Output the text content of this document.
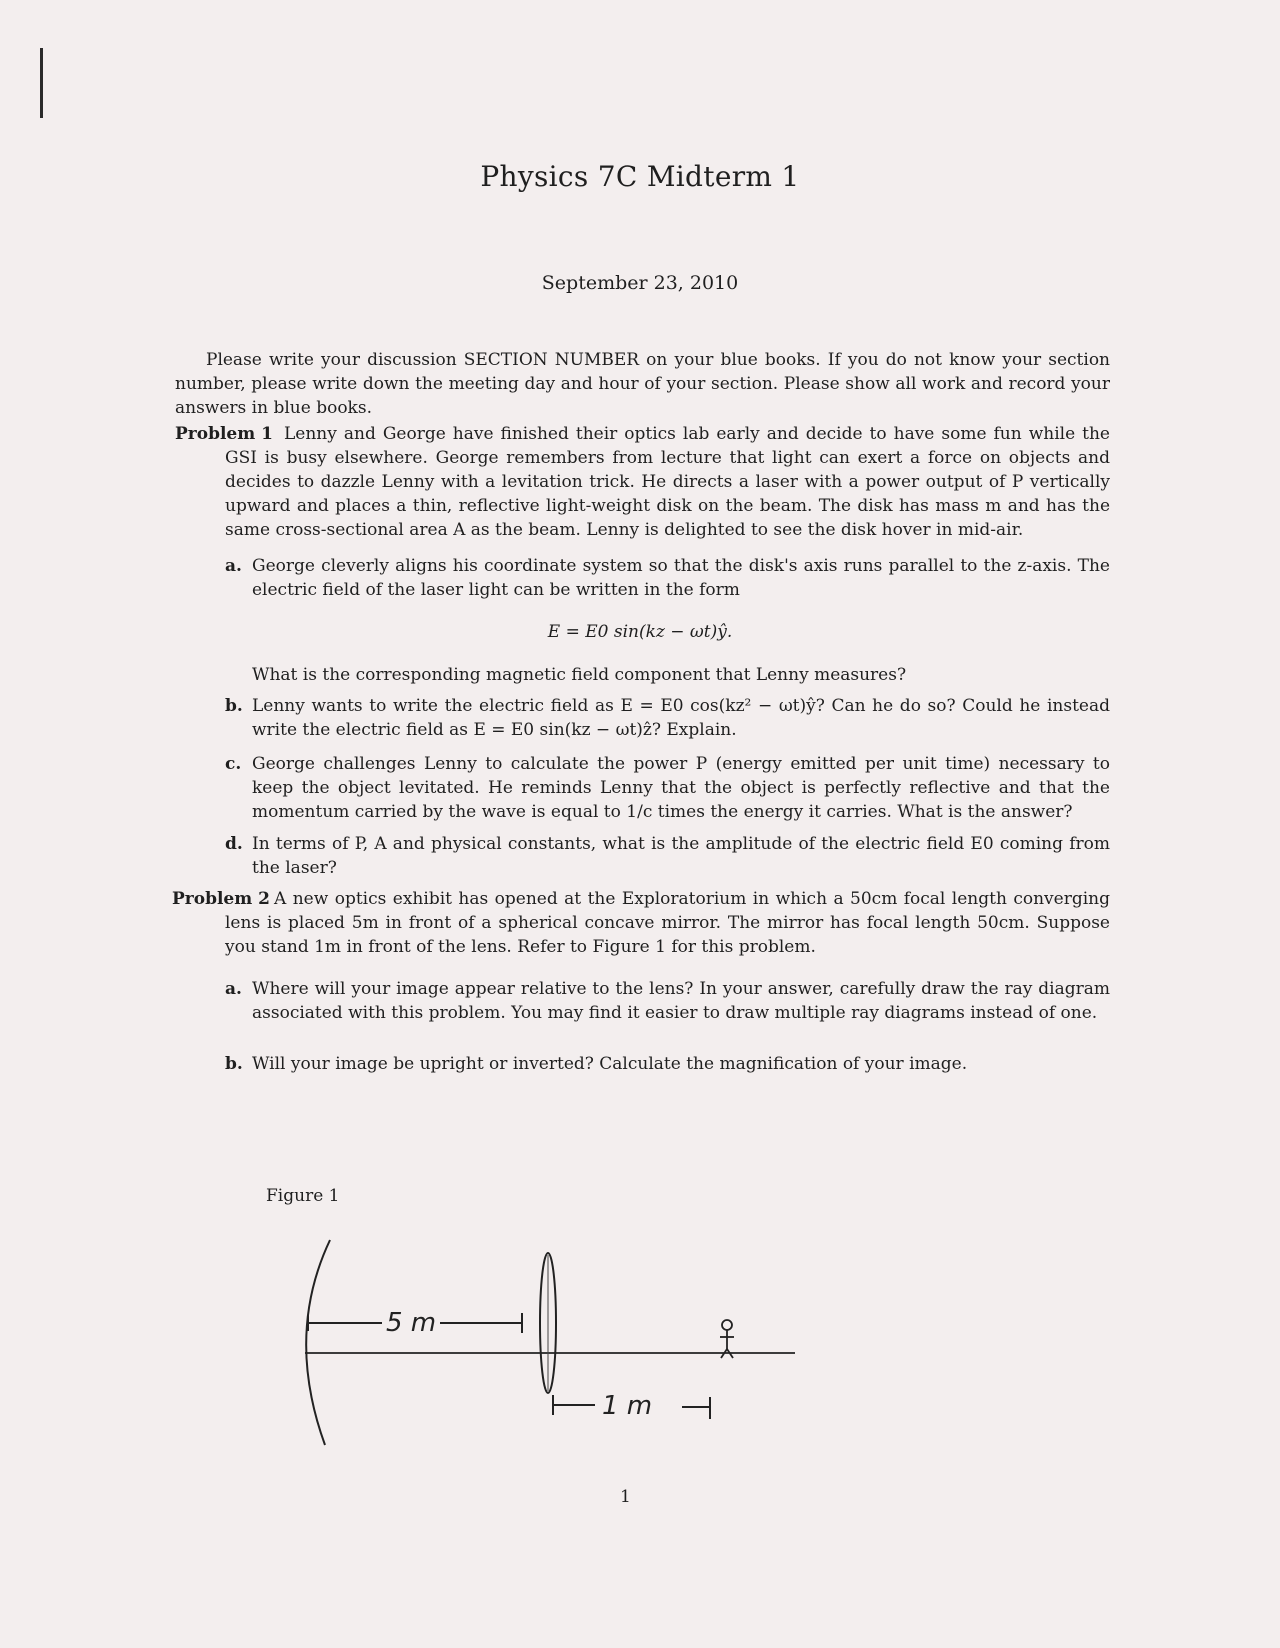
Physics 7C Midterm 1
September 23, 2010
Please write your discussion SECTION NUMBER on your blue books. If you do not know your section number, please write down the meeting day and hour of your section. Please show all work and record your answers in blue books.
Problem 1 Lenny and George have finished their optics lab early and decide to have some fun while the GSI is busy elsewhere. George remembers from lecture that light can exert a force on objects and decides to dazzle Lenny with a levitation trick. He directs a laser with a power output of P vertically upward and places a thin, reflective light-weight disk on the beam. The disk has mass m and has the same cross-sectional area A as the beam. Lenny is delighted to see the disk hover in mid-air.
a. George cleverly aligns his coordinate system so that the disk's axis runs parallel to the z-axis. The electric field of the laser light can be written in the form
E = E0 sin(kz − ωt)ŷ.
What is the corresponding magnetic field component that Lenny measures?
b. Lenny wants to write the electric field as E = E0 cos(kz² − ωt)ŷ? Can he do so? Could he instead write the electric field as E = E0 sin(kz − ωt)ẑ? Explain.
c. George challenges Lenny to calculate the power P (energy emitted per unit time) necessary to keep the object levitated. He reminds Lenny that the object is perfectly reflective and that the momentum carried by the wave is equal to 1/c times the energy it carries. What is the answer?
d. In terms of P, A and physical constants, what is the amplitude of the electric field E0 coming from the laser?
Problem 2 A new optics exhibit has opened at the Exploratorium in which a 50cm focal length converging lens is placed 5m in front of a spherical concave mirror. The mirror has focal length 50cm. Suppose you stand 1m in front of the lens. Refer to Figure 1 for this problem.
a. Where will your image appear relative to the lens? In your answer, carefully draw the ray diagram associated with this problem. You may find it easier to draw multiple ray diagrams instead of one.
b. Will your image be upright or inverted? Calculate the magnification of your image.
Figure 1
5 m
1 m
1
